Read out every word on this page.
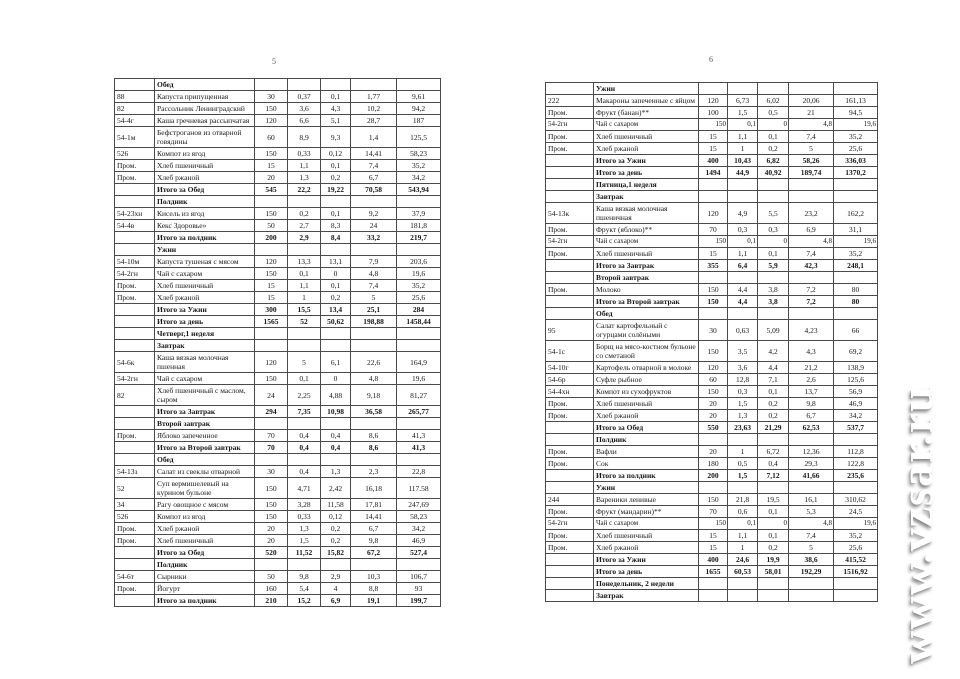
5	6
	Обед					
88	Капуста припущенная	30	0,37	0,1	1,77	9,61
82	Рассольник Ленинградский	150	3,6	4,3	10,2	94,2
54-4г	Каша гречневая рассыпчатая	120	6,6	5,1	28,7	187
54-1м	Бефстроганов из отварной говядины	60	8,9	9,3	1,4	125,5
526	Компот из ягод	150	0,33	0,12	14,41	58,23
Пром.	Хлеб пшеничный	15	1,1	0,1	7,4	35,2
Пром.	Хлеб ржаной	20	1,3	0,2	6,7	34,2
	Итого за Обед	545	22,2	19,22	70,58	543,94
	Полдник					
54-23хн	Кисель из ягод	150	0,2	0,1	9,2	37,9
54-4в	Кекс Здоровье»	50	2,7	8,3	24	181,8
	Итого за полдник	200	2,9	8,4	33,2	219,7
	Ужин					
54-10м	Капуста тушеная с мясом	120	13,3	13,1	7,9	203,6
54-2гн	Чай с сахаром	150	0,1	0	4,8	19,6
Пром.	Хлеб пшеничный	15	1,1	0,1	7,4	35,2
Пром.	Хлеб ржаной	15	1	0,2	5	25,6
	Итого за Ужин	300	15,5	13,4	25,1	284
	Итого за день	1565	52	50,62	198,88	1458,44
	Четверг,1 неделя					
	Завтрак					
54-6к	Каша вязкая молочная пшенная	120	5	6,1	22,6	164,9
54-2гн	Чай с сахаром	150	0,1	0	4,8	19,6
82	Хлеб пшеничный с маслом, сыром	24	2,25	4,88	9,18	81,27
	Итого за Завтрак	294	7,35	10,98	36,58	265,77
	Второй завтрак					
Пром.	Яблоко запеченное	70	0,4	0,4	8,6	41,3
	Итого за Второй завтрак	70	0,4	0,4	8,6	41,3
	Обед					
54-13з	Салат из свеклы отварной	30	0,4	1,3	2,3	22,8
52	Суп вермишелевый на курином бульоне	150	4,71	2,42	16,18	117.58
34	Рагу овощное с мясом	150	3,28	11,58	17,81	247,69
526	Компот из ягод	150	0,33	0,12	14,41	58,23
Пром.	Хлеб ржаной	20	1,3	0,2	6,7	34,2
Пром.	Хлеб пшеничный	20	1,5	0,2	9,8	46,9
	Итого за Обед	520	11,52	15,82	67,2	527,4
	Полдник					
54-6т	Сырники	50	9,8	2,9	10,3	106,7
Пром.	Йогурт	160	5,4	4	8,8	93
	Итого за полдник	210	15,2	6,9	19,1	199,7
	Ужин					
222	Макароны запеченные с яйцом	120	6,73	6,02	20,06	161,13
Пром.	Фрукт (банан)**	100	1,5	0,5	21	94,5
54-2гн	Чай с сахаром	150	0,1	0	4,8	19,6
Пром.	Хлеб пшеничный	15	1,1	0,1	7,4	35,2
Пром.	Хлеб ржаной	15	1	0,2	5	25,6
	Итого за Ужин	400	10,43	6,82	58,26	336,03
	Итого за день	1494	44,9	40,92	189,74	1370,2
	Пятница,1 неделя					
	Завтрак					
54-13к	Каша вязкая молочная пшеничная	120	4,9	5,5	23,2	162,2
Пром.	Фрукт (яблоко)**	70	0,3	0,3	6,9	31,1
54-2гн	Чай с сахаром	150	0,1	0	4,8	19,6
Пром.	Хлеб пшеничный	15	1,1	0,1	7,4	35,2
	Итого за Завтрак	355	6,4	5,9	42,3	248,1
	Второй завтрак					
Пром.	Молоко	150	4,4	3,8	7,2	80
	Итого за Второй завтрак	150	4,4	3,8	7,2	80
	Обед					
95	Салат картофельный с огурцами солёными	30	0,63	5,09	4,23	66
54-1с	Борщ на мясо-костном бульоне со сметаной	150	3,5	4,2	4,3	69,2
54-10г	Картофель отварной в молоке	120	3,6	4,4	21,2	138,9
54-6р	Суфле рыбное	60	12,8	7,1	2,6	125,6
54-4хн	Компот из сухофруктов	150	0,3	0,1	13,7	56,9
Пром.	Хлеб пшеничный	20	1,5	0,2	9,8	46,9
Пром.	Хлеб ржаной	20	1,3	0,2	6,7	34,2
	Итого за Обед	550	23,63	21,29	62,53	537,7
	Полдник					
Пром.	Вафли	20	1	6,72	12,36	112,8
Пром.	Сок	180	0,5	0,4	29,3	122,8
	Итого за полдник	200	1,5	7,12	41,66	235,6
	Ужин					
244	Вареники ленивые	150	21,8	19,5	16,1	310,62
Пром.	Фрукт (мандарин)**	70	0,6	0,1	5,3	24,5
54-2гн	Чай с сахаром	150	0,1	0	4,8	19,6
Пром.	Хлеб пшеничный	15	1,1	0,1	7,4	35,2
Пром.	Хлеб ржаной	15	1	0,2	5	25,6
	Итого за Ужин	400	24,6	19,9	38,6	415,52
	Итого за день	1655	60,53	58,01	192,29	1516,92
	Понедельник, 2 недели					
	Завтрак						www.vzsar.ru
